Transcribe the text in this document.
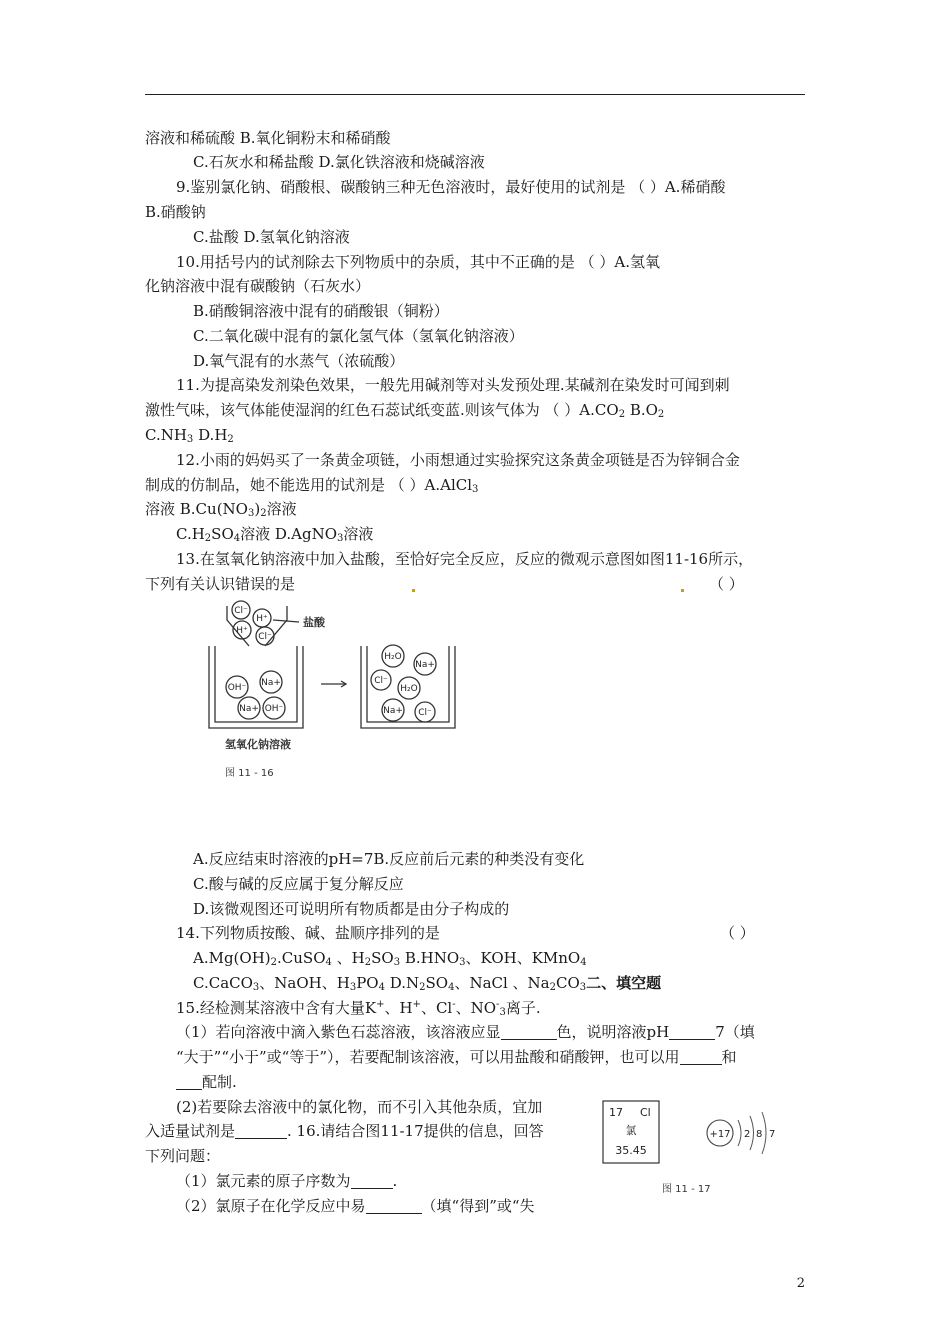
溶液和稀硫酸 B.氧化铜粉末和稀硝酸
C.石灰水和稀盐酸 D.氯化铁溶液和烧碱溶液
9.鉴别氯化钠、硝酸根、碳酸钠三种无色溶液时，最好使用的试剂是 （ ）A.稀硝酸
B.硝酸钠
C.盐酸 D.氢氧化钠溶液
10.用括号内的试剂除去下列物质中的杂质，其中不正确的是 （ ）A.氢氧
化钠溶液中混有碳酸钠（石灰水）
B.硝酸铜溶液中混有的硝酸银（铜粉）
C.二氧化碳中混有的氯化氢气体（氢氧化钠溶液）
D.氧气混有的水蒸气（浓硫酸）
11.为提高染发剂染色效果，一般先用碱剂等对头发预处理.某碱剂在染发时可闻到刺
激性气味，该气体能使湿润的红色石蕊试纸变蓝.则该气体为 （ ）$A.CO_2$ $B.O_2$
$C.NH_3$ $D.H_2$
12.小雨的妈妈买了一条黄金项链，小雨想通过实验探究这条黄金项链是否为锌铜合金
制成的仿制品，她不能选用的试剂是 （ ）A.AlCl$_3$
溶液 $B.Cu(NO_3)_2$溶液
$C.H_2SO_4$溶液 D.AgNO$_3$溶液
13.在氢氧化钠溶液中加入盐酸，至恰好完全反应，反应的微观示意图如图11-16所示，
下列有关认识错误的是	（ ）
Cl⁻
H⁺
H⁺
Cl⁻
OH⁻ Na+
Na+ OH⁻
H₂O
Na+
Cl⁻
H₂O
Na+ Cl⁻
盐酸
氢氧化钠溶液
图 11 - 16
A.反应结束时溶液的pH=7B.反应前后元素的种类没有变化
C.酸与碱的反应属于复分解反应
D.该微观图还可说明所有物质都是由分子构成的
14.下列物质按酸、碱、盐顺序排列的是	（ ）
$A.Mg(OH)_2.CuSO_4$ 、$H_2SO_3$ $B.HNO_3$、KOH、KMnO$_4$
C.CaCO$_3$、NaOH、$H_3PO_4$ $D.N_2SO_4$、NaCl 、$Na_2CO_3$二、填空题
15.经检测某溶液中含有大量K+、H+、Cl-、$NO^-_3$离子.
（1）若向溶液中滴入紫色石蕊溶液，该溶液应显	色，说明溶液pH	7（填
“大于”“小于”或“等于”），若要配制该溶液，可以用盐酸和硝酸钾，也可以用	和
配制.
(2)若要除去溶液中的氯化物，而不引入其他杂质，宜加
入适量试剂是	. 16.请结合图11-17提供的信息，回答
下列问题：
（1）氯元素的原子序数为	.
（2）氯原子在化学反应中易	（填“得到”或“失
17 Cl
氯
35.45
+17 2 8 7
图 11 - 17
2
